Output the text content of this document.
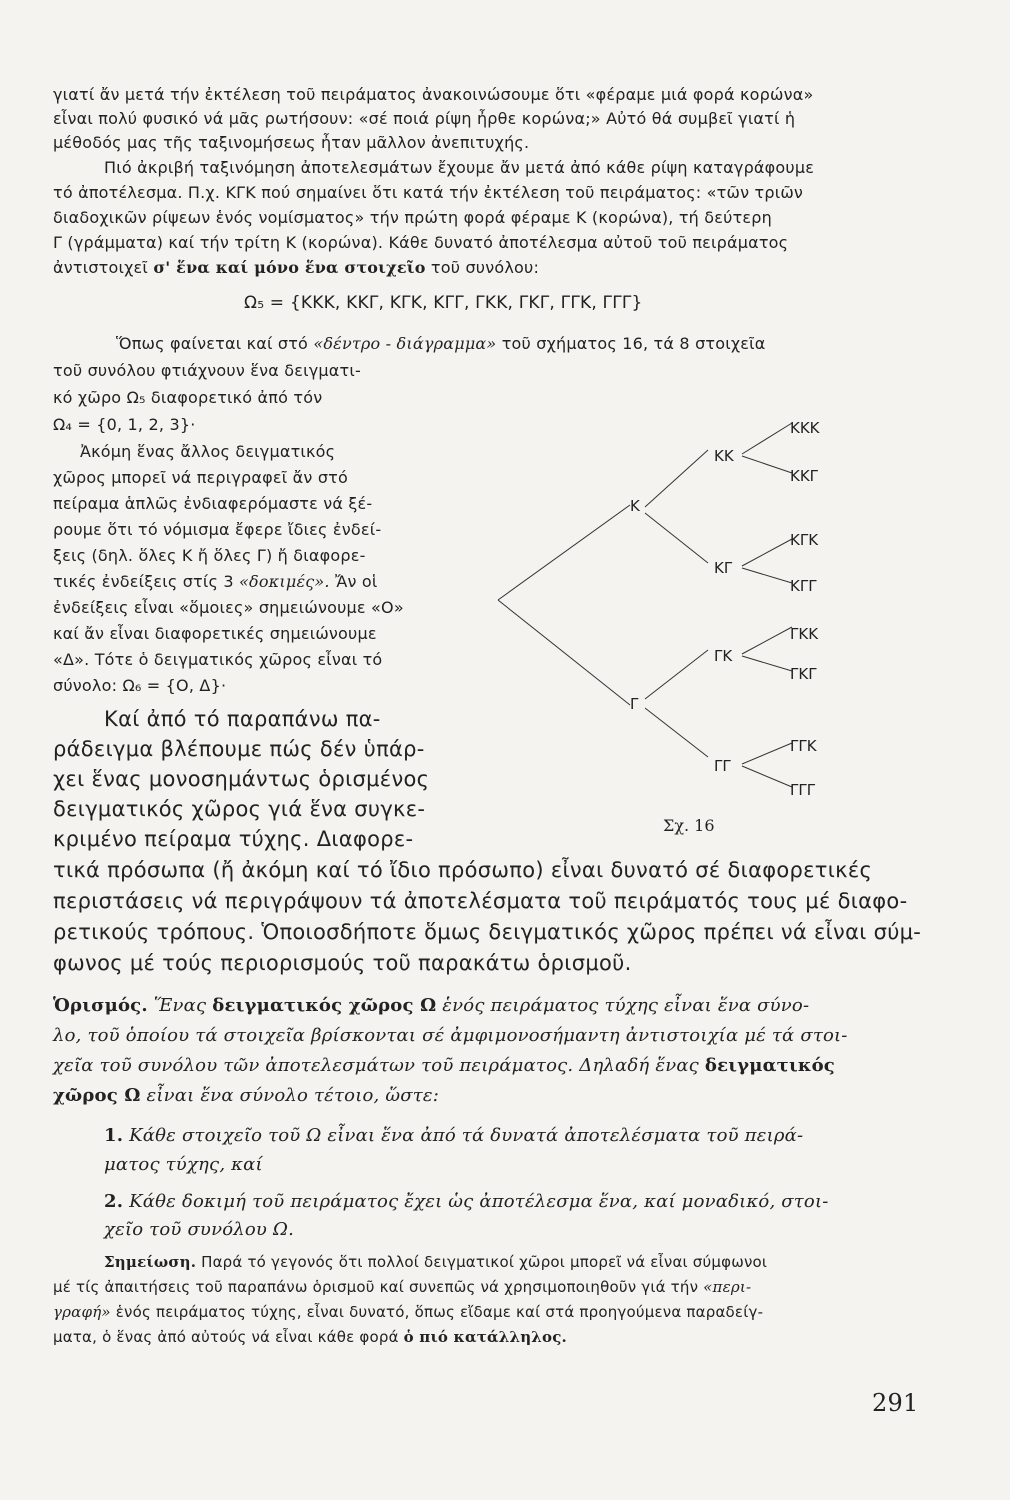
γιατί ἄν μετά τήν ἐκτέλεση τοῦ πειράματος ἀνακοινώσουμε ὅτι «φέραμε μιά φορά κορώνα»
εἶναι πολύ φυσικό νά μᾶς ρωτήσουν: «σέ ποιά ρίψη ἦρθε κορώνα;» Αὐτό θά συμβεῖ γιατί ἡ
μέθοδός μας τῆς ταξινομήσεως ἦταν μᾶλλον ἀνεπιτυχής.
Πιό ἀκριβή ταξινόμηση ἀποτελεσμάτων ἔχουμε ἄν μετά ἀπό κάθε ρίψη καταγράφουμε
τό ἀποτέλεσμα. Π.χ. ΚΓΚ πού σημαίνει ὅτι κατά τήν ἐκτέλεση τοῦ πειράματος: «τῶν τριῶν
διαδοχικῶν ρίψεων ἑνός νομίσματος» τήν πρώτη φορά φέραμε Κ (κορώνα), τή δεύτερη
Γ (γράμματα) καί τήν τρίτη Κ (κορώνα). Κάθε δυνατό ἀποτέλεσμα αὐτοῦ τοῦ πειράματος
ἀντιστοιχεῖ σ' ἕνα καί μόνο ἕνα στοιχεῖο τοῦ συνόλου:
Ω₅ = {ΚΚΚ, ΚΚΓ, ΚΓΚ, ΚΓΓ, ΓΚΚ, ΓΚΓ, ΓΓΚ, ΓΓΓ}
Ὅπως φαίνεται καί στό «δέντρο - διάγραμμα» τοῦ σχήματος 16, τά 8 στοιχεῖα
τοῦ συνόλου φτιάχνουν ἕνα δειγματι-
κό χῶρο Ω₅ διαφορετικό ἀπό τόν
Ω₄ = {0, 1, 2, 3}·
Ἀκόμη ἕνας ἄλλος δειγματικός
χῶρος μπορεῖ νά περιγραφεῖ ἄν στό
πείραμα ἁπλῶς ἐνδιαφερόμαστε νά ξέ-
ρουμε ὅτι τό νόμισμα ἔφερε ἴδιες ἐνδεί-
ξεις (δηλ. ὅλες Κ ἤ ὅλες Γ) ἤ διαφορε-
τικές ἐνδείξεις στίς 3 «δοκιμές». Ἄν οἱ
ἐνδείξεις εἶναι «ὅμοιες» σημειώνουμε «Ο»
καί ἄν εἶναι διαφορετικές σημειώνουμε
«Δ». Τότε ὁ δειγματικός χῶρος εἶναι τό
σύνολο: Ω₆ = {Ο, Δ}·
Καί ἀπό τό παραπάνω πα-
ράδειγμα βλέπουμε πώς δέν ὑπάρ-
χει ἕνας μονοσημάντως ὁρισμένος
δειγματικός χῶρος γιά ἕνα συγκε-
κριμένο πείραμα τύχης. Διαφορε-
τικά πρόσωπα (ἤ ἀκόμη καί τό ἴδιο πρόσωπο) εἶναι δυνατό σέ διαφορετικές
περιστάσεις νά περιγράψουν τά ἀποτελέσματα τοῦ πειράματός τους μέ διαφο-
ρετικούς τρόπους. Ὁποιοσδήποτε ὅμως δειγματικός χῶρος πρέπει νά εἶναι σύμ-
φωνος μέ τούς περιορισμούς τοῦ παρακάτω ὁρισμοῦ.
Κ
Γ
ΚΚ
ΚΓ
ΓΚ
ΓΓ
ΚΚΚ
ΚΚΓ
ΚΓΚ
ΚΓΓ
ΓΚΚ
ΓΚΓ
ΓΓΚ
ΓΓΓ
Σχ. 16
Ὁρισμός. Ἕνας δειγματικός χῶρος Ω ἑνός πειράματος τύχης εἶναι ἕνα σύνο-
λο, τοῦ ὁποίου τά στοιχεῖα βρίσκονται σέ ἀμφιμονοσήμαντη ἀντιστοιχία μέ τά στοι-
χεῖα τοῦ συνόλου τῶν ἀποτελεσμάτων τοῦ πειράματος. Δηλαδή ἕνας δειγματικός
χῶρος Ω εἶναι ἕνα σύνολο τέτοιο, ὥστε:
1. Κάθε στοιχεῖο τοῦ Ω εἶναι ἕνα ἀπό τά δυνατά ἀποτελέσματα τοῦ πειρά-
ματος τύχης, καί
2. Κάθε δοκιμή τοῦ πειράματος ἔχει ὡς ἀποτέλεσμα ἕνα, καί μοναδικό, στοι-
χεῖο τοῦ συνόλου Ω.
Σημείωση. Παρά τό γεγονός ὅτι πολλοί δειγματικοί χῶροι μπορεῖ νά εἶναι σύμφωνοι
μέ τίς ἀπαιτήσεις τοῦ παραπάνω ὁρισμοῦ καί συνεπῶς νά χρησιμοποιηθοῦν γιά τήν «περι-
γραφή» ἑνός πειράματος τύχης, εἶναι δυνατό, ὅπως εἴδαμε καί στά προηγούμενα παραδείγ-
ματα, ὁ ἕνας ἀπό αὐτούς νά εἶναι κάθε φορά ὁ πιό κατάλληλος.
291
